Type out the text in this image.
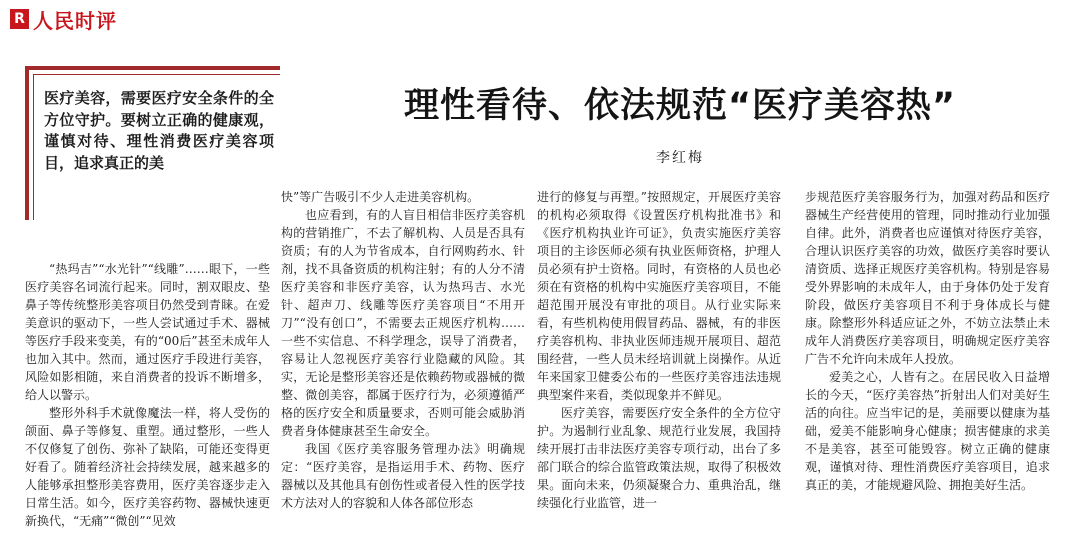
R 人民时评
医疗美容，需要医疗安全条件的全方位守护。要树立正确的健康观，谨慎对待、理性消费医疗美容项目，追求真正的美
理性看待、依法规范“医疗美容热”
李红梅

“热玛吉”“水光针”“线雕”……眼下，一些医疗美容名词流行起来。同时，割双眼皮、垫鼻子等传统整形美容项目仍然受到青睐。在爱美意识的驱动下，一些人尝试通过手术、器械等医疗手段来变美，有的“00后”甚至未成年人也加入其中。然而，通过医疗手段进行美容，风险如影相随，来自消费者的投诉不断增多，给人以警示。

整形外科手术就像魔法一样，将人受伤的颌面、鼻子等修复、重塑。通过整形，一些人不仅修复了创伤、弥补了缺陷，可能还变得更好看了。随着经济社会持续发展，越来越多的人能够承担整形美容费用，医疗美容逐步走入日常生活。如今，医疗美容药物、器械快速更新换代，“无痛”“微创”“见效

快”等广告吸引不少人走进美容机构。

也应看到，有的人盲目相信非医疗美容机构的营销推广，不去了解机构、人员是否具有资质；有的人为节省成本，自行网购药水、针剂，找不具备资质的机构注射；有的人分不清医疗美容和非医疗美容，认为热玛吉、水光针、超声刀、线雕等医疗美容项目“不用开刀”“没有创口”，不需要去正规医疗机构……一些不实信息、不科学理念，误导了消费者，容易让人忽视医疗美容行业隐藏的风险。其实，无论是整形美容还是依赖药物或器械的微整、微创美容，都属于医疗行为，必须遵循严格的医疗安全和质量要求，否则可能会威胁消费者身体健康甚至生命安全。

我国《医疗美容服务管理办法》明确规定：“医疗美容，是指运用手术、药物、医疗器械以及其他具有创伤性或者侵入性的医学技术方法对人的容貌和人体各部位形态

进行的修复与再塑。”按照规定，开展医疗美容的机构必须取得《设置医疗机构批准书》和《医疗机构执业许可证》，负责实施医疗美容项目的主诊医师必须有执业医师资格，护理人员必须有护士资格。同时，有资格的人员也必须在有资格的机构中实施医疗美容项目，不能超范围开展没有审批的项目。从行业实际来看，有些机构使用假冒药品、器械，有的非医疗美容机构、非执业医师违规开展项目、超范围经营，一些人员未经培训就上岗操作。从近年来国家卫健委公布的一些医疗美容违法违规典型案件来看，类似现象并不鲜见。

医疗美容，需要医疗安全条件的全方位守护。为遏制行业乱象、规范行业发展，我国持续开展打击非法医疗美容专项行动，出台了多部门联合的综合监管政策法规，取得了积极效果。面向未来，仍须凝聚合力、重典治乱，继续强化行业监管，进一

步规范医疗美容服务行为，加强对药品和医疗器械生产经营使用的管理，同时推动行业加强自律。此外，消费者也应谨慎对待医疗美容，合理认识医疗美容的功效，做医疗美容时要认清资质、选择正规医疗美容机构。特别是容易受外界影响的未成年人，由于身体仍处于发育阶段，做医疗美容项目不利于身体成长与健康。除整形外科适应证之外，不妨立法禁止未成年人消费医疗美容项目，明确规定医疗美容广告不允许向未成年人投放。

爱美之心，人皆有之。在居民收入日益增长的今天，“医疗美容热”折射出人们对美好生活的向往。应当牢记的是，美丽要以健康为基础，爱美不能影响身心健康；损害健康的求美不是美容，甚至可能毁容。树立正确的健康观，谨慎对待、理性消费医疗美容项目，追求真正的美，才能规避风险、拥抱美好生活。
